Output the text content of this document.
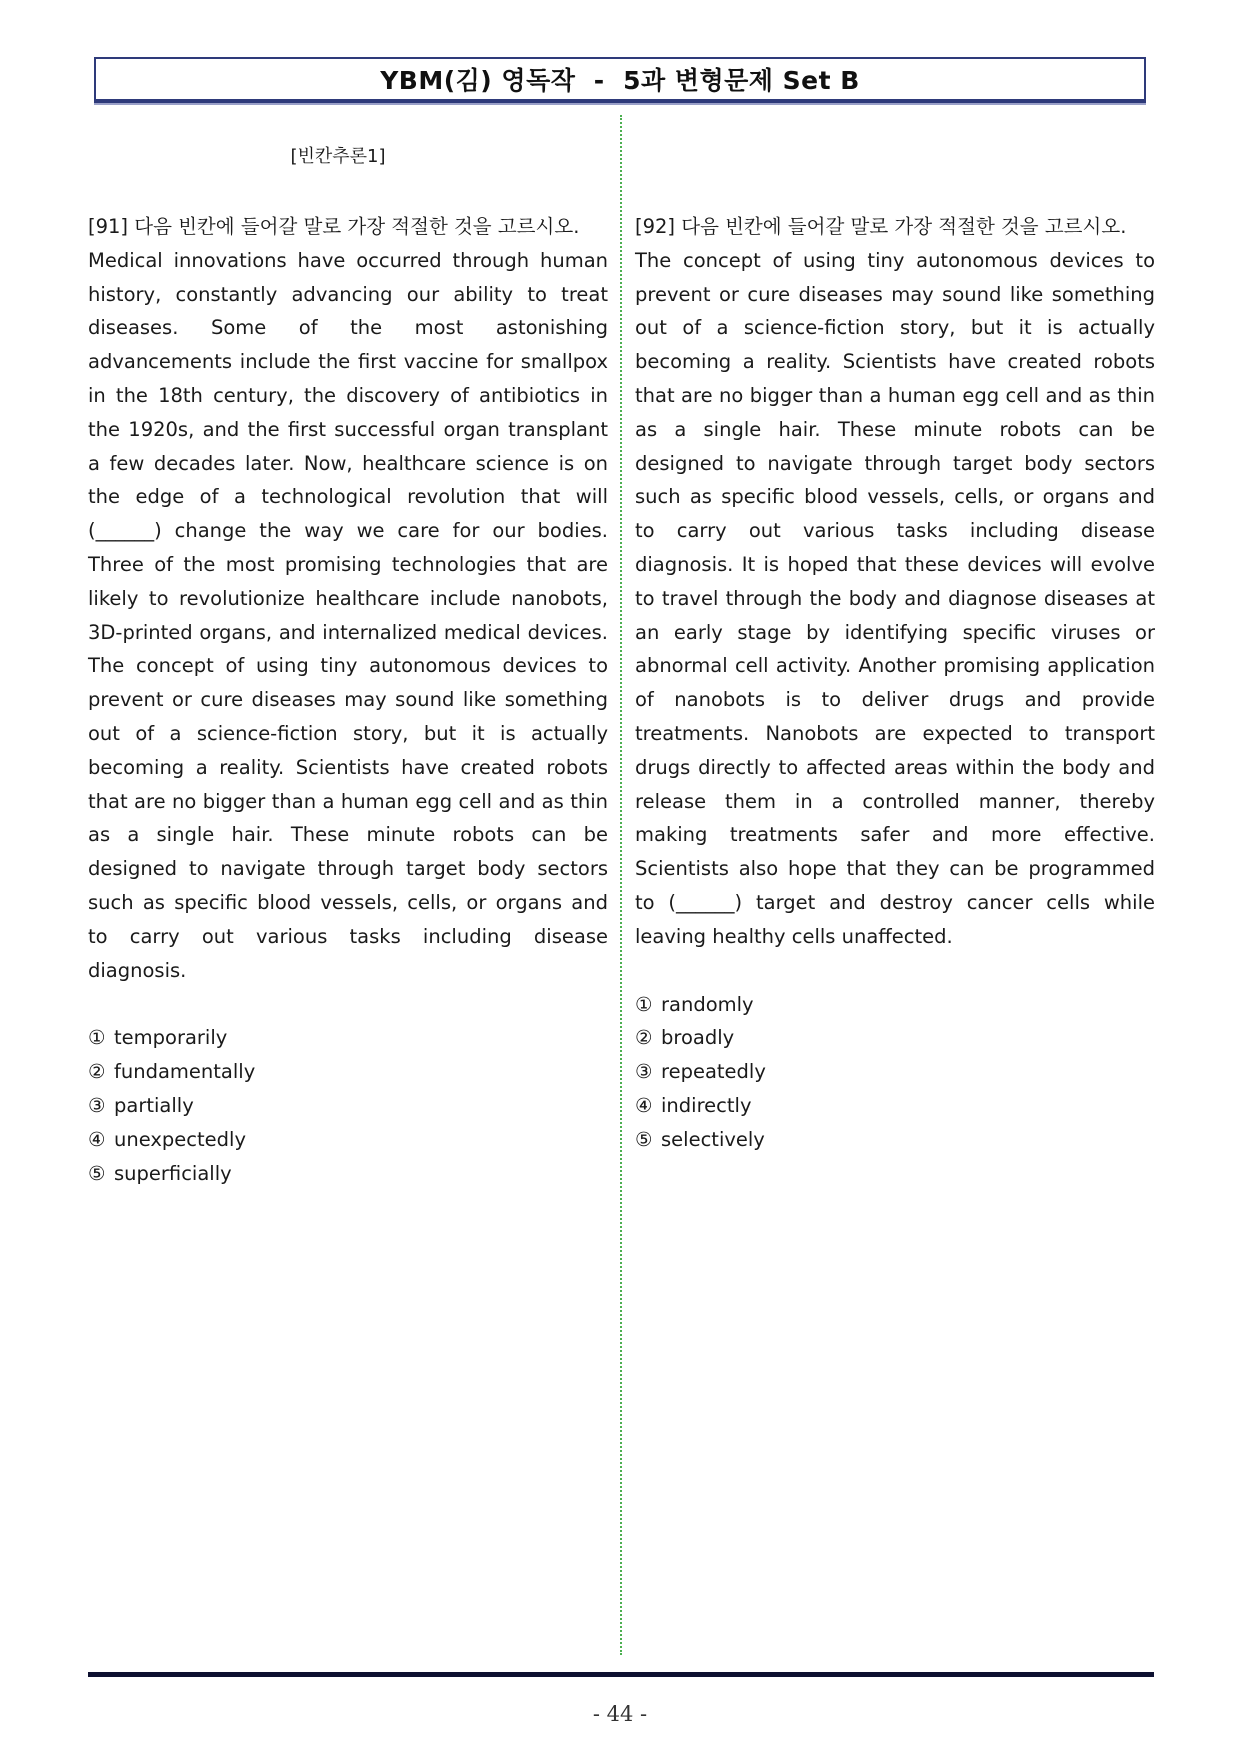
YBM(김) 영독작  -  5과 변형문제 Set B
[빈칸추론1]

[91] 다음 빈칸에 들어갈 말로 가장 적절한 것을 고르시오.

Medical innovations have occurred through human history, constantly advancing our ability to treat diseases. Some of the most astonishing advancements include the first vaccine for smallpox in the 18th century, the discovery of antibiotics in the 1920s, and the first successful organ transplant a few decades later. Now, healthcare science is on the edge of a technological revolution that will (______) change the way we care for our bodies. Three of the most promising technologies that are likely to revolutionize healthcare include nanobots, 3D-printed organs, and internalized medical devices. The concept of using tiny autonomous devices to prevent or cure diseases may sound like something out of a science-fiction story, but it is actually becoming a reality. Scientists have created robots that are no bigger than a human egg cell and as thin as a single hair. These minute robots can be designed to navigate through target body sectors such as specific blood vessels, cells, or organs and to carry out various tasks including disease diagnosis.

① temporarily
② fundamentally
③ partially
④ unexpectedly
⑤ superficially

[92] 다음 빈칸에 들어갈 말로 가장 적절한 것을 고르시오.

The concept of using tiny autonomous devices to prevent or cure diseases may sound like something out of a science-fiction story, but it is actually becoming a reality. Scientists have created robots that are no bigger than a human egg cell and as thin as a single hair. These minute robots can be designed to navigate through target body sectors such as specific blood vessels, cells, or organs and to carry out various tasks including disease diagnosis. It is hoped that these devices will evolve to travel through the body and diagnose diseases at an early stage by identifying specific viruses or abnormal cell activity. Another promising application of nanobots is to deliver drugs and provide treatments. Nanobots are expected to transport drugs directly to affected areas within the body and release them in a controlled manner, thereby making treatments safer and more effective. Scientists also hope that they can be programmed to (______) target and destroy cancer cells while leaving healthy cells unaffected.

① randomly
② broadly
③ repeatedly
④ indirectly
⑤ selectively
- 44 -
